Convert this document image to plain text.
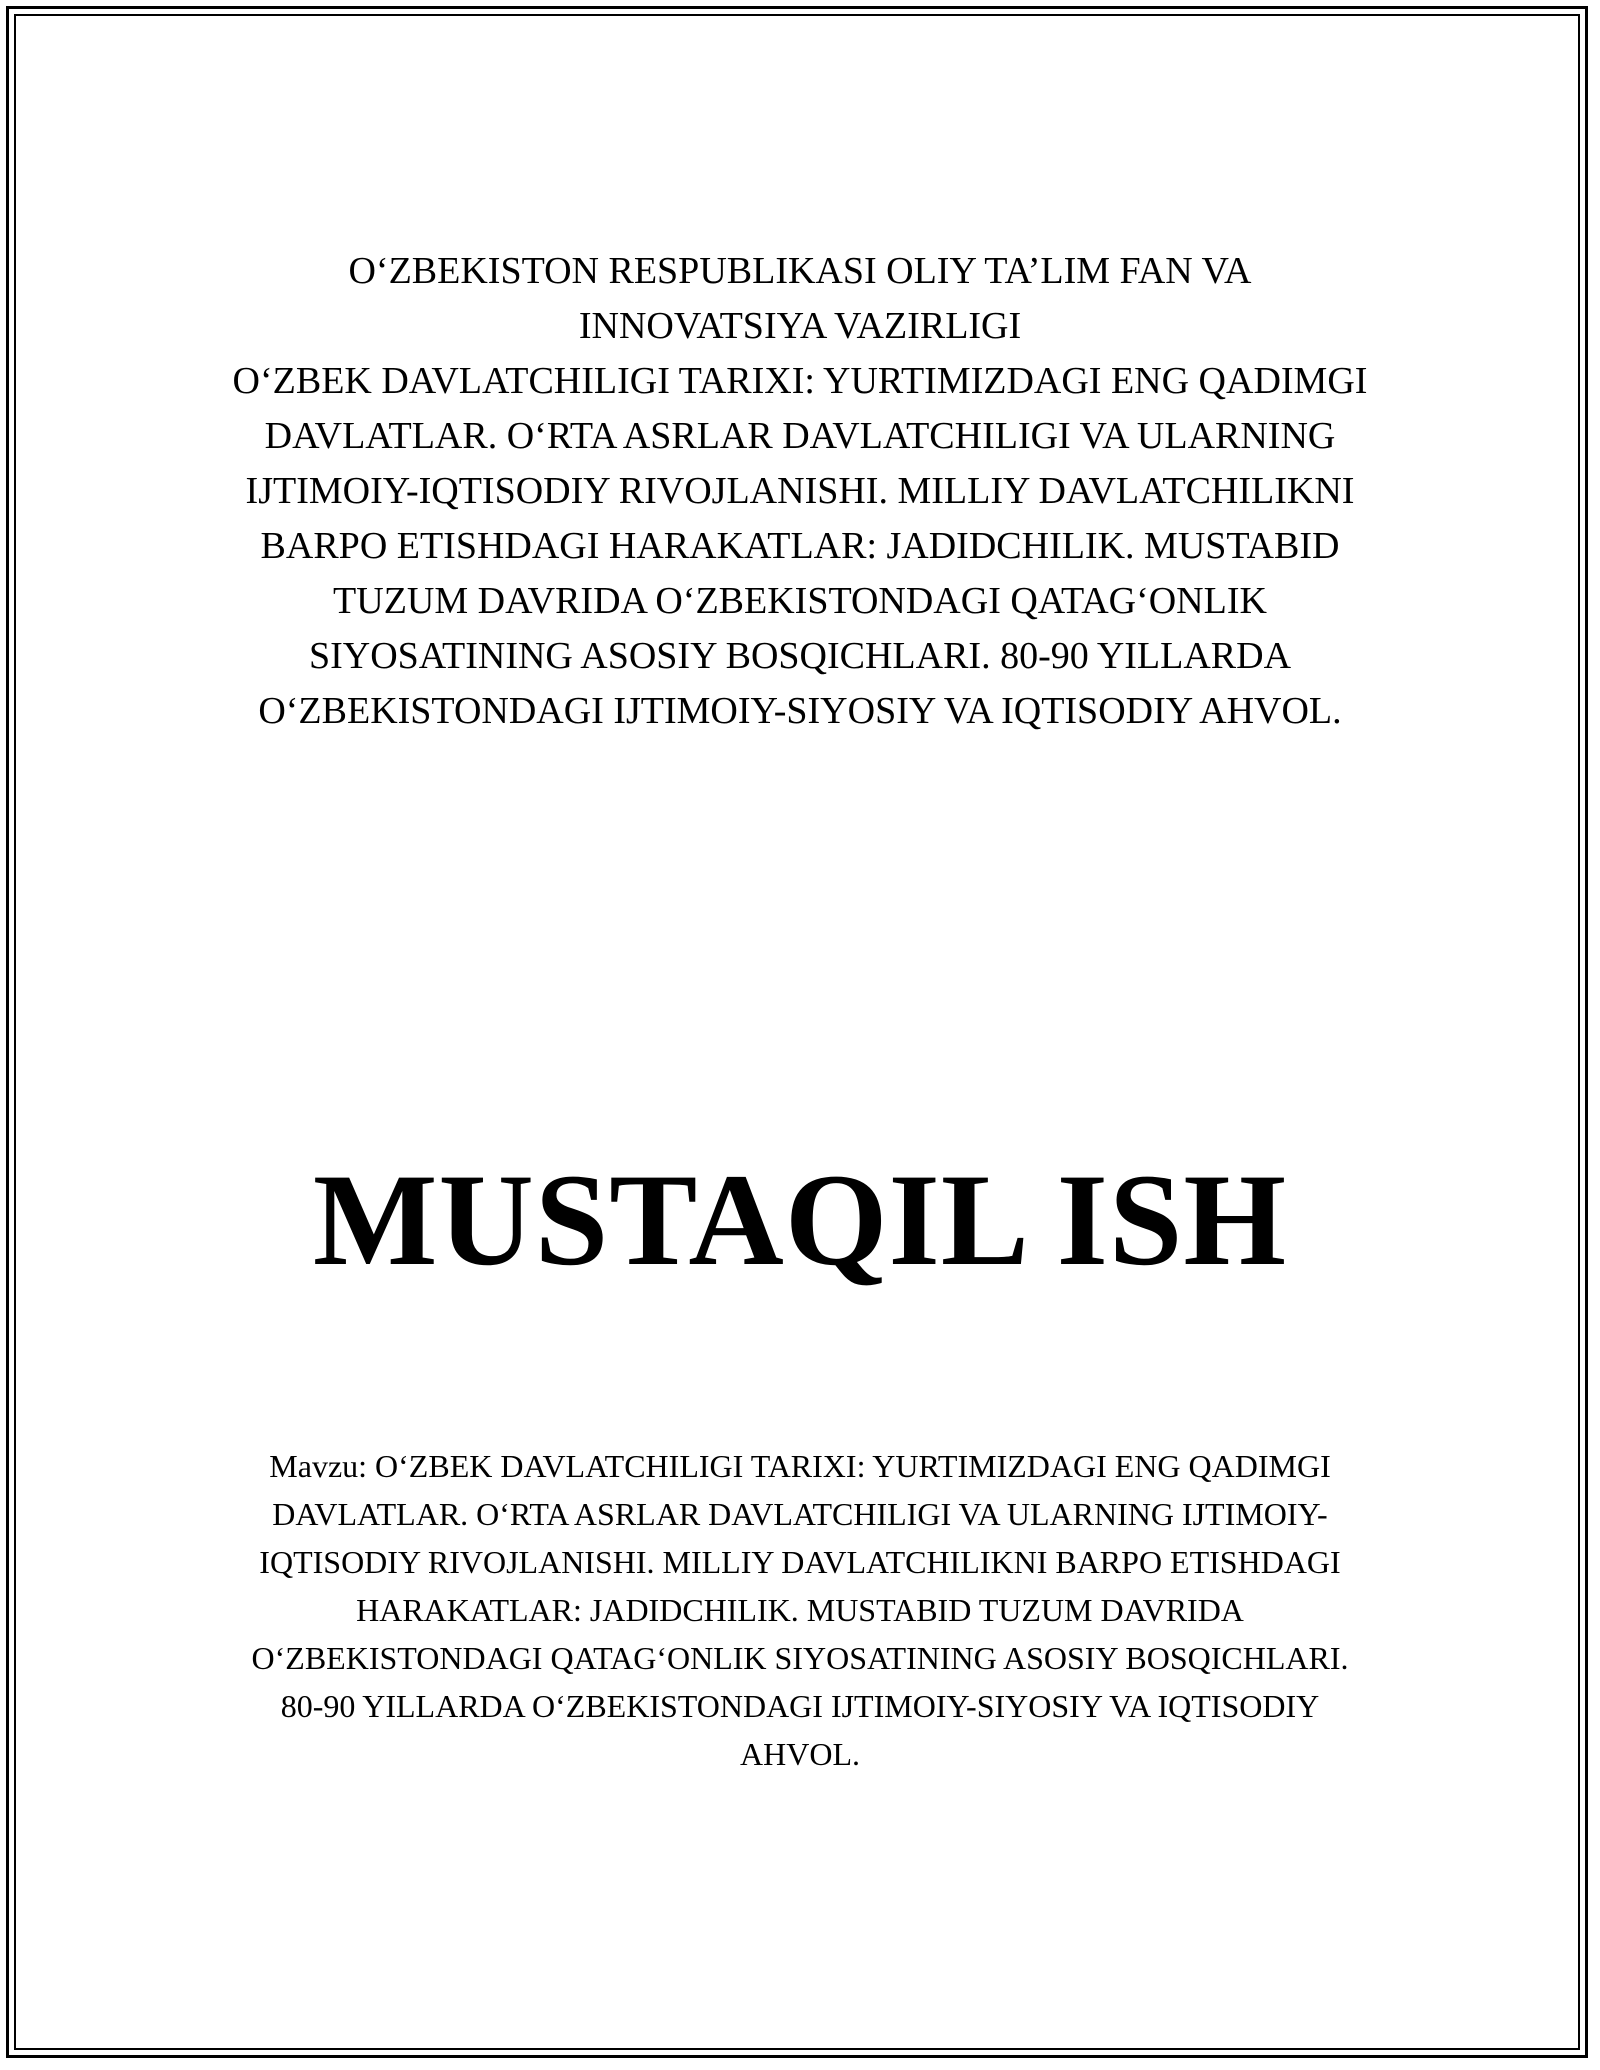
O‘ZBEKISTON RESPUBLIKASI OLIY TA’LIM FAN VA INNOVATSIYA VAZIRLIGI

O‘ZBEK DAVLATCHILIGI TARIXI: YURTIMIZDAGI ENG QADIMGI DAVLATLAR. O‘RTA ASRLAR DAVLATCHILIGI VA ULARNING IJTIMOIY-IQTISODIY RIVOJLANISHI. MILLIY DAVLATCHILIKNI BARPO ETISHDAGI HARAKATLAR: JADIDCHILIK. MUSTABID TUZUM DAVRIDA O‘ZBEKISTONDAGI QATAG‘ONLIK SIYOSATINING ASOSIY BOSQICHLARI. 80-90 YILLARDA O‘ZBEKISTONDAGI IJTIMOIY-SIYOSIY VA IQTISODIY AHVOL.

MUSTAQIL ISH

Mavzu: O‘ZBEK DAVLATCHILIGI TARIXI: YURTIMIZDAGI ENG QADIMGI DAVLATLAR. O‘RTA ASRLAR DAVLATCHILIGI VA ULARNING IJTIMOIY-IQTISODIY RIVOJLANISHI. MILLIY DAVLATCHILIKNI BARPO ETISHDAGI HARAKATLAR: JADIDCHILIK. MUSTABID TUZUM DAVRIDA O‘ZBEKISTONDAGI QATAG‘ONLIK SIYOSATINING ASOSIY BOSQICHLARI. 80-90 YILLARDA O‘ZBEKISTONDAGI IJTIMOIY-SIYOSIY VA IQTISODIY AHVOL.
